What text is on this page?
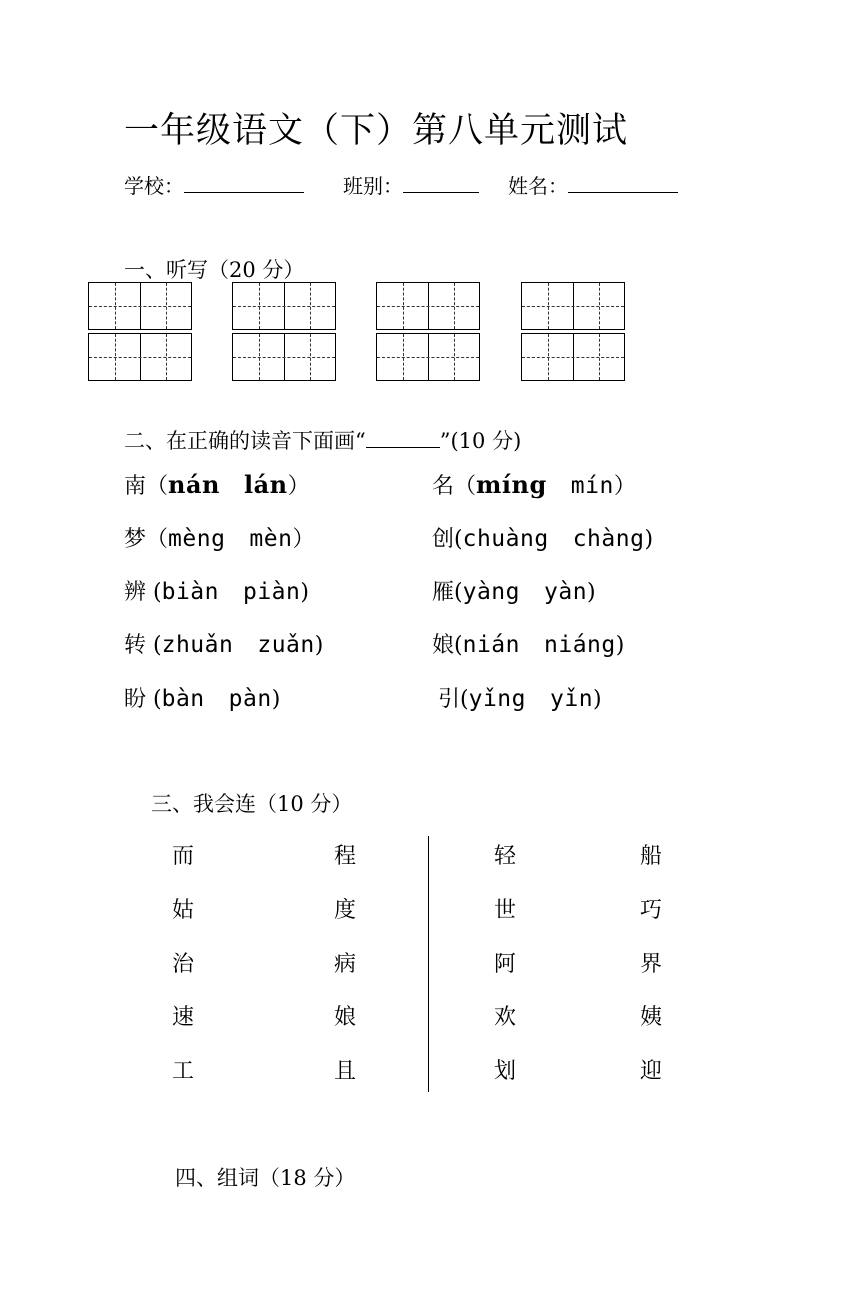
一年级语文（下）第八单元测试
学校：	班别：	姓名：
一、听写（20 分）
二、在正确的读音下面画“	”(10 分)
南（nán lán）	名（míng mín）
梦（mèng mèn）	创(chuàng chàng)
辨 (biàn piàn)	雁(yàng yàn)
转 (zhuǎn zuǎn)	娘(nián niáng)
盼 (bàn pàn)	引(yǐng yǐn)
三、我会连（10 分）
而	程	轻	船
姑	度	世	巧
治	病	阿	界
速	娘	欢	姨
工	且	划	迎
四、组词（18 分）
